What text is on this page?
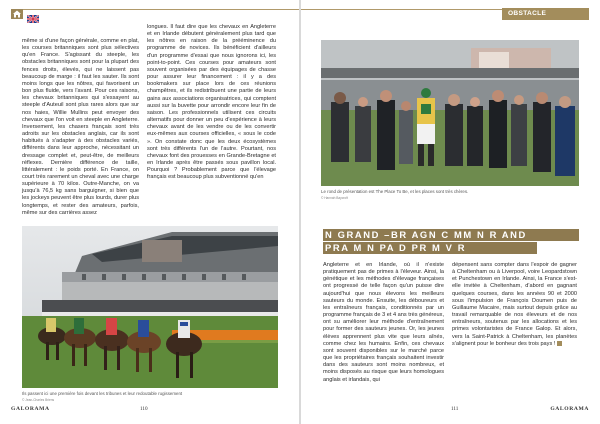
même si d'une façon générale, comme en plat, les courses britanniques sont plus sélectives qu'en France. S'agissant du steeple, les obstacles britanniques sont pour la plupart des fences droits, élevés, qui ne laissent pas beaucoup de marge : il faut les sauter. Ils sont moins longs que les nôtres, qui favorisent un bon plus fluide, vers l'avant. Pour ces raisons, les chevaux britanniques qui s'essayent au steeple d'Auteuil sont plus rares alors que sur nos haies, Willie Mullins peut envoyer des chevaux que l'on voit en steeple en Angleterre. Inversement, les chasers français sont très adroits sur les obstacles anglais, car ils sont habitués à s'adapter à des obstacles variés, différents dans leur approche, nécessitant un dressage complet et, peut-être, de meilleurs réflexes. Dernière différence de taille, littéralement : le poids porté. En France, on court très rarement un cheval avec une charge supérieure à 70 kilos. Outre-Manche, on va jusqu'à 76,5 kg sans barguigner, si bien que les jockeys peuvent être plus lourds, durer plus longtemps, et rester des amateurs, parfois, même sur des carrières assez

longues. Il faut dire que les chevaux en Angleterre et en Irlande débutent généralement plus tard que les nôtres en raison de la prééminence du programme de novices. Ils bénéficient d'ailleurs d'un programme d'essai que nous ignorons ici, les point-to-point. Ces courses pour amateurs sont souvent organisées par des équipages de chasse pour assurer leur financement : il y a des bookmakers sur place lors de ces réunions champêtres, et ils redistribuent une partie de leurs gains aux associations organisatrices, qui comptent aussi sur la buvette pour arrondir encore leur fin de saison. Les professionnels utilisent ces circuits alternatifs pour donner un peu d'expérience à leurs chevaux avant de les vendre ou de les convertir eux-mêmes aux courses officielles, « sous le code ». On constate donc que les deux écosystèmes sont très différents l'un de l'autre. Pourtant, nos chevaux font des prouesses en Grande-Bretagne et en Irlande après être passés sous pavillon local. Pourquoi ? Probablement parce que l'élevage français est beaucoup plus subventionné qu'en

Ils passent ici une première fois devant les tribunes et leur redoutable rugissement
© Jean-Charles Briens
GALORAMA	110
OBSTACLE
Le rond de présentation est The Place To Be, et les places sont très chères.
© Hannah Baycroft
N GRAND –BR AGN C MM N R AND
PRA M N PA D PR M V R

Angleterre et en Irlande, où il n'existe pratiquement pas de primes à l'éleveur. Ainsi, la génétique et les méthodes d'élevage françaises ont progressé de telle façon qu'un puisse dire aujourd'hui que nous élevons les meilleurs sauteurs du monde. Ensuite, les déboureurs et les entraîneurs français, conditionnés par un programme français de 3 et 4 ans très généreux, ont su améliorer leur méthode d'entraînement pour former des sauteurs jeunes. Or, les jeunes élèves apprennent plus vite que leurs aînés, comme chez les humains. Enfin, ces chevaux sont souvent disponibles sur le marché parce que les propriétaires français souhaitent investir dans des sauteurs sont moins nombreux, et moins disposés au risque que leurs homologues anglais et irlandais, qui

dépensent sans compter dans l'espoir de gagner à Cheltenham ou à Liverpool, voire Leopardstown et Punchestown en Irlande. Ainsi, la France s'est-elle invitée à Cheltenham, d'abord en gagnant quelques courses, dans les années 90 et 2000 sous l'impulsion de François Doumen puis de Guillaume Macaire, mais surtout depuis grâce au travail remarquable de nos éleveurs et de nos entraîneurs, soutenus par les allocations et les primes volontaristes de France Galop. Et alors, vers la Saint-Patrick à Cheltenham, les planètes s'alignent pour le bonheur des trois pays !

111	GALORAMA
